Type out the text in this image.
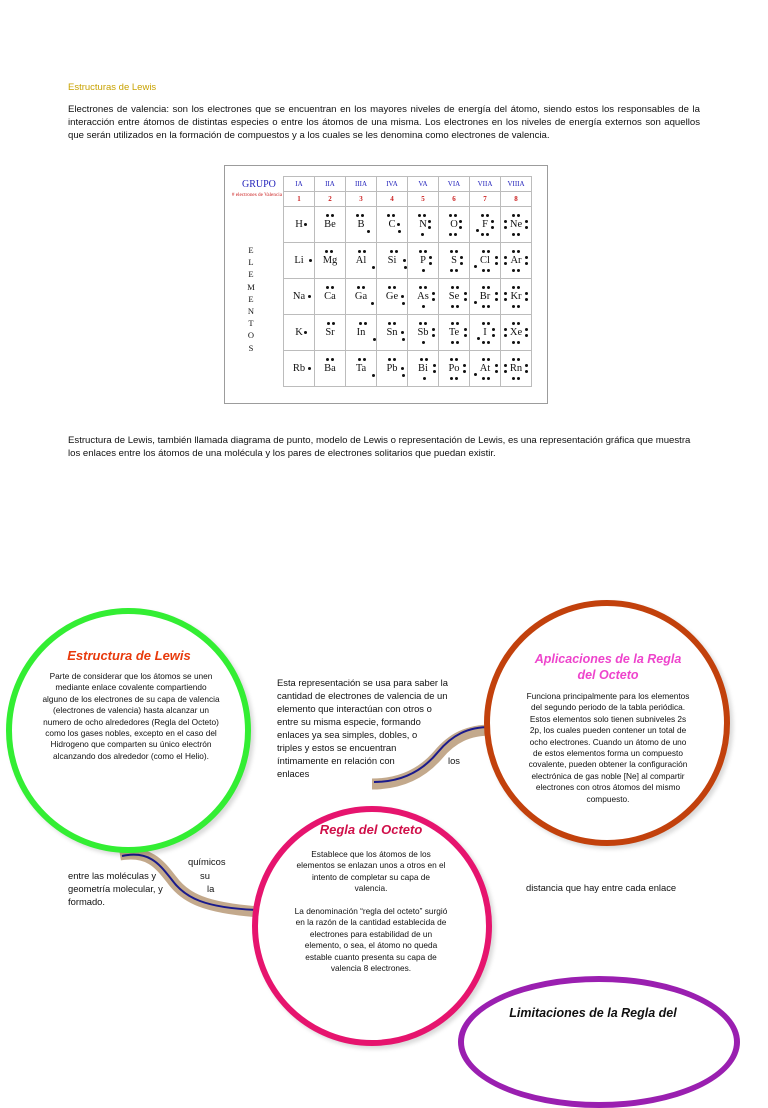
Estructuras de Lewis
Electrones de valencia: son los electrones que se encuentran en los mayores niveles de energía del átomo, siendo estos los responsables de la interacción entre átomos de distintas especies o entre los átomos de una misma. Los electrones en los niveles de energía externos son aquellos que serán utilizados en la formación de compuestos y a los cuales se les denomina como electrones de valencia.
GRUPO
# electrones de Valencia
E
L
E
M
E
N
T
O
S
IA	IIA	IIIA	IVA	VA	VIA	VIIA	VIIIA
1	2	3	4	5	6	7	8
H	Be	B	C	N	O	F	Ne

Li	Mg	Al	Si	P	S	Cl	Ar

Na	Ca	Ga	Ge	As	Se	Br	Kr

K	Sr	In	Sn	Sb	Te	I	Xe

Rb	Ba	Ta	Pb	Bi	Po	At	Rn
Estructura de Lewis, también llamada diagrama de punto, modelo de Lewis o representación de Lewis, es una representación gráfica que muestra los enlaces entre los átomos de una molécula y los pares de electrones solitarios que puedan existir.
químicos
entre las moléculas y	su
geometría molecular, y	la
formado.
Esta representación se usa para saber la
cantidad de electrones de valencia de un
elemento que interactúan con otros o
entre su misma especie, formando
enlaces ya sea simples, dobles, o
triples y estos se encuentran
íntimamente en relación con
enlaces
los
distancia que hay entre cada enlace
Estructura de Lewis
Parte de considerar que los átomos se unen mediante enlace covalente compartiendo alguno de los electrones de su capa de valencia (electrones de valencia) hasta alcanzar un numero de ocho alrededores (Regla del Octeto) como los gases nobles, excepto en el caso del Hidrogeno que comparten su único electrón alcanzando dos alrededor (como el Helio).
Aplicaciones de la Regla del Octeto
Funciona principalmente para los elementos del segundo periodo de la tabla periódica. Estos elementos solo tienen subniveles 2s 2p, los cuales pueden contener un total de ocho electrones. Cuando un átomo de uno de estos elementos forma un compuesto covalente, pueden obtener la configuración electrónica de gas noble [Ne] al compartir electrones con otros átomos del mismo compuesto.
Regla del Octeto
Establece que los átomos de los elementos se enlazan unos a otros en el intento de completar su capa de valencia.
La denominación “regla del octeto” surgió en la razón de la cantidad establecida de electrones para estabilidad de un elemento, o sea, el átomo no queda estable cuanto presenta su capa de valencia 8 electrones.
Limitaciones de la Regla del
